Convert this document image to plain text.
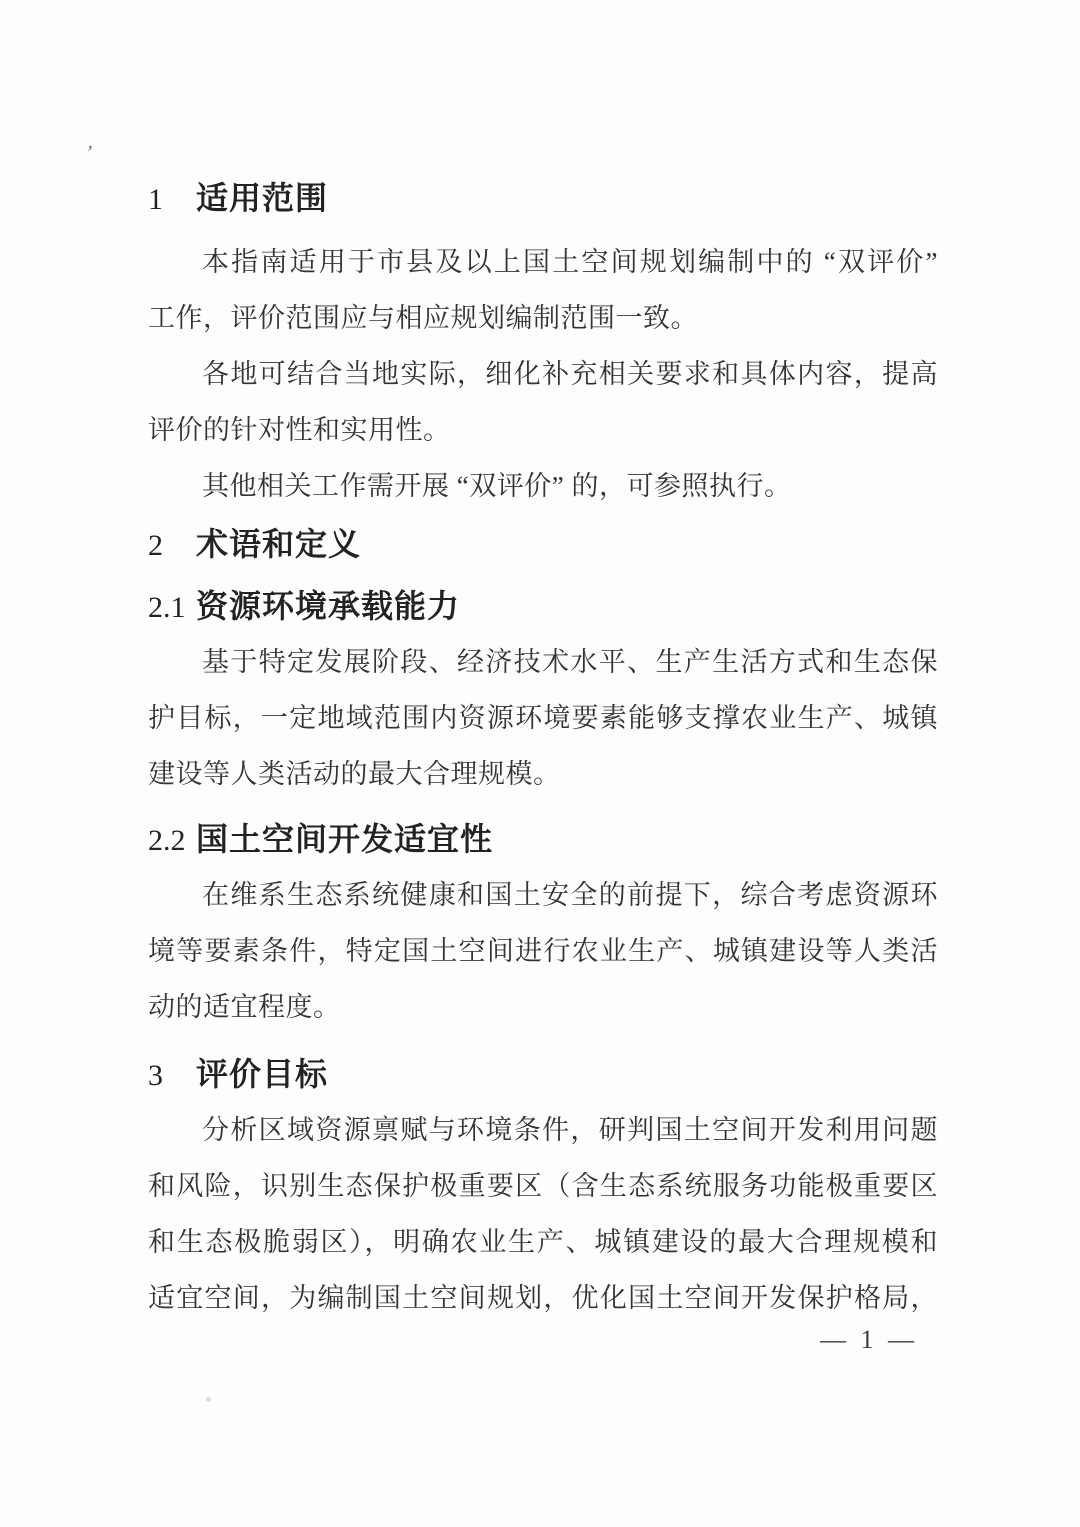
’
1	适用范围
本指南适用于市县及以上国土空间规划编制中的 “双评价”
工作，评价范围应与相应规划编制范围一致。
各地可结合当地实际，细化补充相关要求和具体内容，提高
评价的针对性和实用性。
其他相关工作需开展 “双评价” 的，可参照执行。
2	术语和定义
2.1 资源环境承载能力
基于特定发展阶段、经济技术水平、生产生活方式和生态保
护目标，一定地域范围内资源环境要素能够支撑农业生产、城镇
建设等人类活动的最大合理规模。
2.2 国土空间开发适宜性
在维系生态系统健康和国土安全的前提下，综合考虑资源环
境等要素条件，特定国土空间进行农业生产、城镇建设等人类活
动的适宜程度。
3	评价目标
分析区域资源禀赋与环境条件，研判国土空间开发利用问题
和风险，识别生态保护极重要区（含生态系统服务功能极重要区
和生态极脆弱区），明确农业生产、城镇建设的最大合理规模和
适宜空间，为编制国土空间规划，优化国土空间开发保护格局，
— 1 —
